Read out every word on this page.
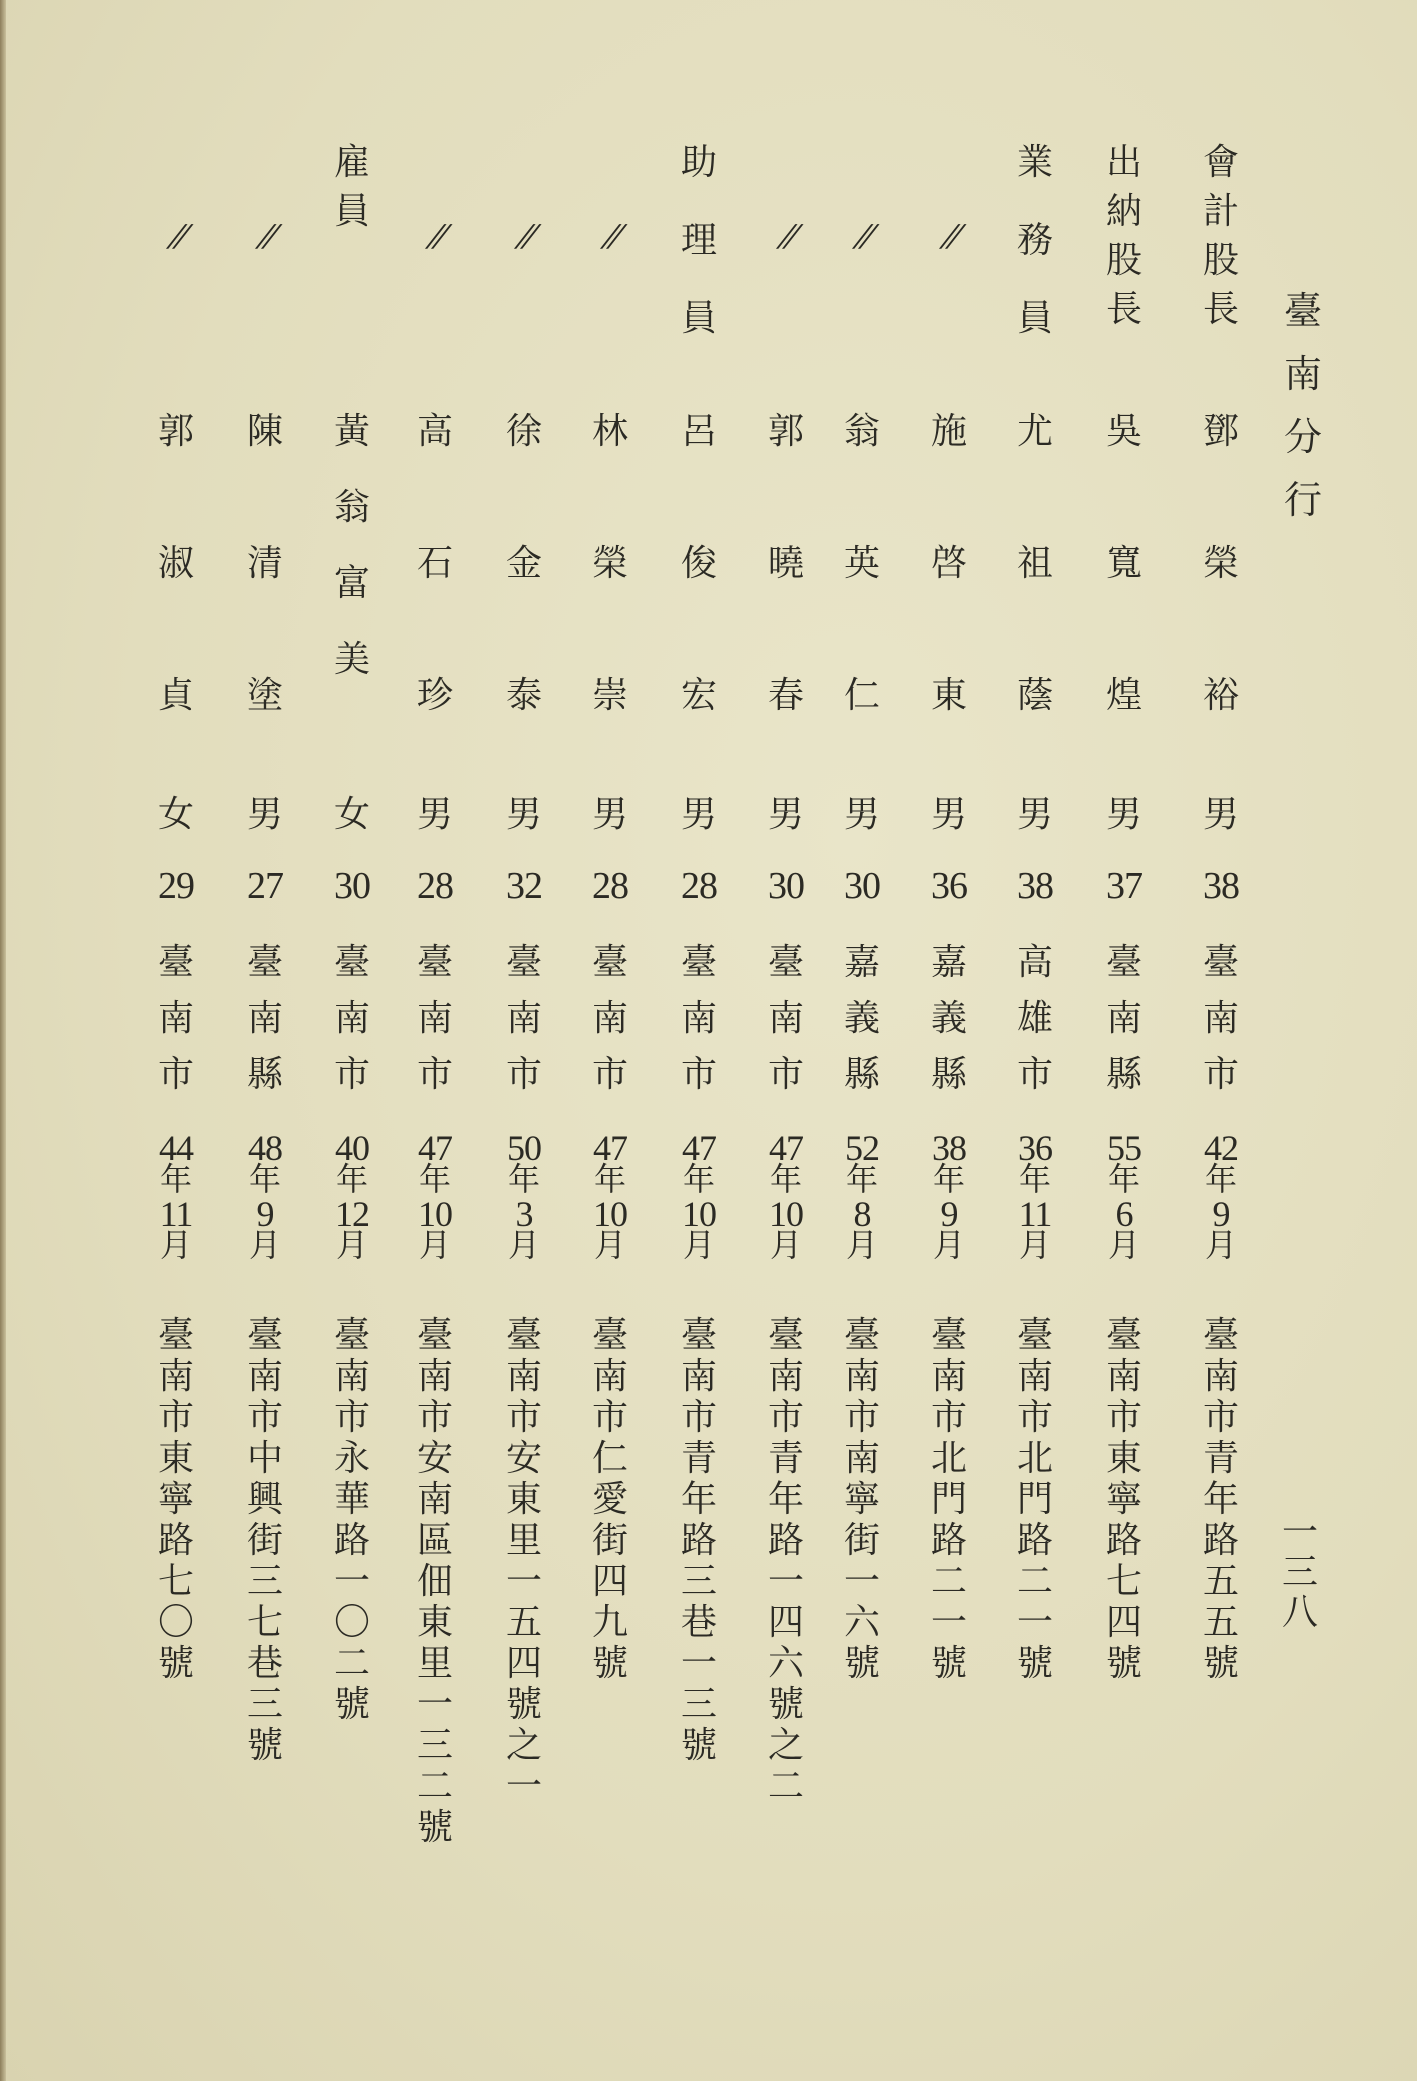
臺
南
分
行
一
三
八
會
計
股
長
鄧
榮
裕
男
38
臺
南
市
42
年
9
月
臺
南
市
青
年
路
五
五
號
出
納
股
長
吳
寬
煌
男
37
臺
南
縣
55
年
6
月
臺
南
市
東
寧
路
七
四
號
業
務
員
尤
祖
蔭
男
38
高
雄
市
36
年
11
月
臺
南
市
北
門
路
二
一
號
//
施
啓
東
男
36
嘉
義
縣
38
年
9
月
臺
南
市
北
門
路
二
一
號
//
翁
英
仁
男
30
嘉
義
縣
52
年
8
月
臺
南
市
南
寧
街
一
六
號
//
郭
曉
春
男
30
臺
南
市
47
年
10
月
臺
南
市
青
年
路
一
四
六
號
之
二
助
理
員
呂
俊
宏
男
28
臺
南
市
47
年
10
月
臺
南
市
青
年
路
三
巷
一
三
號
//
林
榮
崇
男
28
臺
南
市
47
年
10
月
臺
南
市
仁
愛
街
四
九
號
//
徐
金
泰
男
32
臺
南
市
50
年
3
月
臺
南
市
安
東
里
一
五
四
號
之
一
//
高
石
珍
男
28
臺
南
市
47
年
10
月
臺
南
市
安
南
區
佃
東
里
一
三
二
號
雇
員
黃
翁
富
美
女
30
臺
南
市
40
年
12
月
臺
南
市
永
華
路
一
〇
二
號
//
陳
清
塗
男
27
臺
南
縣
48
年
9
月
臺
南
市
中
興
街
三
七
巷
三
號
//
郭
淑
貞
女
29
臺
南
市
44
年
11
月
臺
南
市
東
寧
路
七
〇
號
